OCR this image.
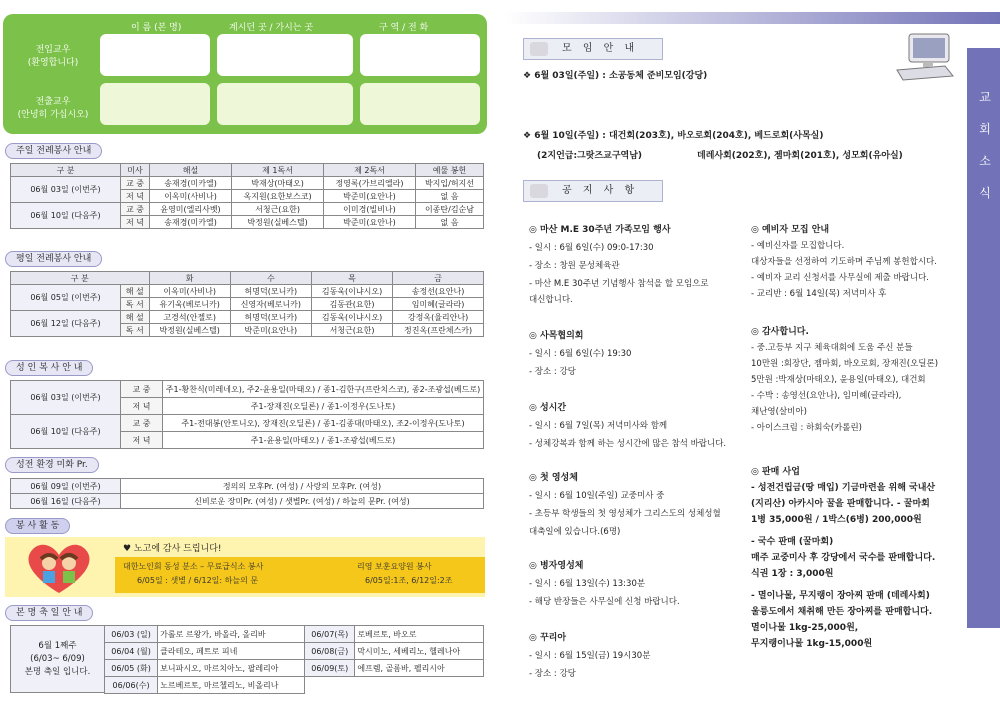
이 름 (본 명)	계시던 곳 / 가시는 곳	구 역 / 전 화
전입교우
(환영합니다)
전출교우
(안녕히 가십시오)
주일 전례봉사 안내
구 분	미사	해설	제 1독서	제 2독서	예물 봉헌
06월 03일 (이번주)	교 중	송재경(미카엘)	박재상(마태오)	정영록(가브리엘라)	박지입/허지선
	저 녁	이옥미(사비나)	옥지원(요한보스코)	박준미(요안나)	없 음
06월 10일 (다음주)	교 중	윤영미(엘리사벳)	서청근(요한)	이미경(빌비나)	이종탄/김순남
	저 녁	송재경(미카엘)	박정원(실베스텔)	박준미(요안나)	없 음
평일 전례봉사 안내
구 분		화	수	목	금
06월 05일 (이번주)	해 설	이옥미(사비나)	허명덕(모니카)	김동욱(이냐시오)	송정선(요안나)
	독 서	유기욱(베로니카)	신영자(베로니카)	김동관(요한)	임미혜(글라라)
06월 12일 (다음주)	해 설	고경석(안젤로)	허명덕(모니카)	김동욱(이냐시오)	강정옥(율리안나)
	독 서	박정원(실베스텔)	박준미(요안나)	서청근(요한)	정진옥(프란체스카)
성 인 복 사 안 내
06월 03일 (이번주)	교 중	주1-황찬식(미레네오), 주2-윤용일(마태오) / 종1-김한구(프란치스코), 종2-조광섭(베드로)
	저 녁	주1-장재진(오딜론) / 종1-이정우(도나토)
06월 10일 (다음주)	교 중	주1-전대봉(안토니오), 장재진(오딜론) / 종1-김종대(마태오), 조2-이정우(도나토)
	저 녁	주1-윤용일(마태오) / 종1-조광섭(베드로)
성전 환경 미화 Pr.
06월 09일 (이번주)	정의의 모후Pr. (여성) / 사랑의 모후Pr. (여성)
06월 16일 (다음주)	신비로운 장미Pr. (여성) / 샛별Pr. (여성) / 하늘의 문Pr. (여성)
봉 사 활 동
♥ 노고에 감사 드립니다!
대한노인회 동성 분소 – 무료급식소 봉사
6/05일 : 샛별 / 6/12일: 하늘의 문
리영 보훈요양원 봉사
6/05일:1조, 6/12일:2조
본 명 축 일 안 내
6월 1째주
(6/03~ 6/09)
본명 축일 입니다.
06/03 (일)	가롤로 르왕가, 바올라, 올리바	06/07(목)	로베르토, 바오로
06/04 (월)	클라테오, 페트로 피네	06/08(금)	막시미노, 세베리노, 헬레나아
06/05 (화)	보니파시오, 마르치아노, 팔레리아	06/09(토)	에프렘, 골롬바, 펠리시아
06/06(수)	노르베르토, 마르첼리노, 비올리나		
교
회
소
식
모 임 안 내
❖ 6월 03일(주일) : 소공동체 준비모임(강당)
❖ 6월 10일(주일) : 대건회(203호), 바오로회(204호), 베드로회(사목실)
(2지언급:그랏즈교구역남)	데레사회(202호), 젬마회(201호), 성모회(유아실)
공 지 사 항
◎ 마산 M.E 30주년 가족모임 행사
- 일시 : 6월 6일(수) 09:0-17:30
- 장소 : 창원 문성체육관
- 마산 M.E 30주년 기념행사 참석을 할 모임으로
대신합니다.
◎ 사목협의회
- 일시 : 6월 6일(수) 19:30
- 장소 : 강당
◎ 성시간
- 일시 : 6월 7일(목) 저녁미사와 함께
- 성체강복과 함께 하는 성시간에 많은 참석 바랍니다.
◎ 첫 영성체
- 일시 : 6월 10일(주일) 교중미사 중
- 초등부 학생들의 첫 영성체가 그리스도의 성체성혈
대축일에 있습니다.(6명)
◎ 병자영성체
- 일시 : 6월 13일(수) 13:30분
- 해당 반장들은 사무실에 신청 바랍니다.
◎ 꾸리아
- 일시 : 6월 15일(금) 19시30분
- 장소 : 강당
◎ 예비자 모집 안내
- 예비신자를 모집합니다.
대상자들을 선정하여 기도하며 주님께 봉헌합시다.
- 예비자 교리 신청서를 사무실에 제출 바랍니다.
- 교리반 : 6월 14일(목) 저녁미사 후
◎ 감사합니다.
- 중.고등부 지구 체육대회에 도움 주신 분들
10만원 :회장단, 젬마회, 바오로회, 장재진(오딜론)
5만원 :박재상(마태오), 윤용일(마태오), 대건회
- 수박 : 송영선(요안나), 임미혜(글라라),
채난영(살비아)
- 아이스크림 : 하회숙(카롤린)
◎ 판매 사업
- 성전건립금(땅 매입) 기금마련을 위해 국내산
(지리산) 아카시아 꿀을 판매합니다. - 꿀마회
1병 35,000원 / 1박스(6병) 200,000원
- 국수 판매 (꿀마회)
매주 교중미사 후 강당에서 국수를 판매합니다.
식권 1장 : 3,000원
- 멸이나물, 무지랭이 장아찌 판매 (데레사회)
울릉도에서 채취해 만든 장아찌를 판매합니다.
멸이나물 1kg-25,000원,
무지랭이나물 1kg-15,000원
